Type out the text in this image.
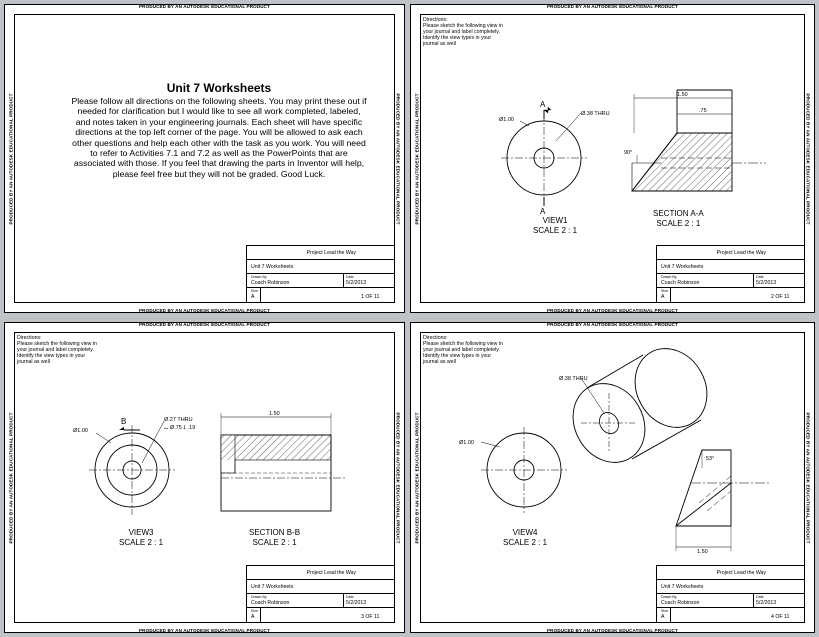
PRODUCED BY AN AUTODESK EDUCATIONAL PRODUCT
PRODUCED BY AN AUTODESK EDUCATIONAL PRODUCT
PRODUCED BY AN AUTODESK EDUCATIONAL PRODUCT	PRODUCED BY AN AUTODESK EDUCATIONAL PRODUCT
Unit 7 Worksheets

Please follow all directions on the following sheets. You may print these out if needed for clarification but I would like to see all work completed, labeled, and notes taken in your engineering journals. Each sheet will have specific directions at the top left corner of the page. You will be allowed to ask each other questions and help each other with the task as you work. You will need to refer to Activities 7.1 and 7.2 as well as the PowerPoints that are associated with those. If you feel that drawing the parts in Inventor will help, please feel free but they will not be graded. Good Luck.

Project Lead the Way
Unit 7 Worksheets
Drawn By
Coach Robinson
Date
5/2/2013
Size
A	1 OF 11
PRODUCED BY AN AUTODESK EDUCATIONAL PRODUCT
PRODUCED BY AN AUTODESK EDUCATIONAL PRODUCT
PRODUCED BY AN AUTODESK EDUCATIONAL PRODUCT	PRODUCED BY AN AUTODESK EDUCATIONAL PRODUCT
Directions:
Please sketch the following view in your journal and label completely. Identify the view types in your journal as well
A
A
Ø1.00
Ø.38 THRU
90°
1.50
.75
VIEW1
SCALE 2 : 1
SECTION A-A
SCALE 2 : 1
Project Lead the Way
Unit 7 Worksheets
Drawn By
Coach Robinson
Date
5/2/2013
Size
A	2 OF 11
PRODUCED BY AN AUTODESK EDUCATIONAL PRODUCT
PRODUCED BY AN AUTODESK EDUCATIONAL PRODUCT
PRODUCED BY AN AUTODESK EDUCATIONAL PRODUCT	PRODUCED BY AN AUTODESK EDUCATIONAL PRODUCT
Directions:
Please sketch the following view in your journal and label completely. Identify the view types in your journal as well
B
Ø1.00
Ø.27 THRU
⌴ Ø.75 ↧ .19
1.50
VIEW3
SCALE 2 : 1
SECTION B-B
SCALE 2 : 1
Project Lead the Way
Unit 7 Worksheets
Drawn By
Coach Robinson
Date
5/2/2013
Size
A	3 OF 11
PRODUCED BY AN AUTODESK EDUCATIONAL PRODUCT
PRODUCED BY AN AUTODESK EDUCATIONAL PRODUCT
PRODUCED BY AN AUTODESK EDUCATIONAL PRODUCT	PRODUCED BY AN AUTODESK EDUCATIONAL PRODUCT
Directions:
Please sketch the following view in your journal and label completely. Identify the view types in your journal as well
Ø1.00
Ø.38 THRU
53°
1.50
VIEW4
SCALE 2 : 1
Project Lead the Way
Unit 7 Worksheets
Drawn By
Coach Robinson
Date
5/2/2013
Size
A	4 OF 11
